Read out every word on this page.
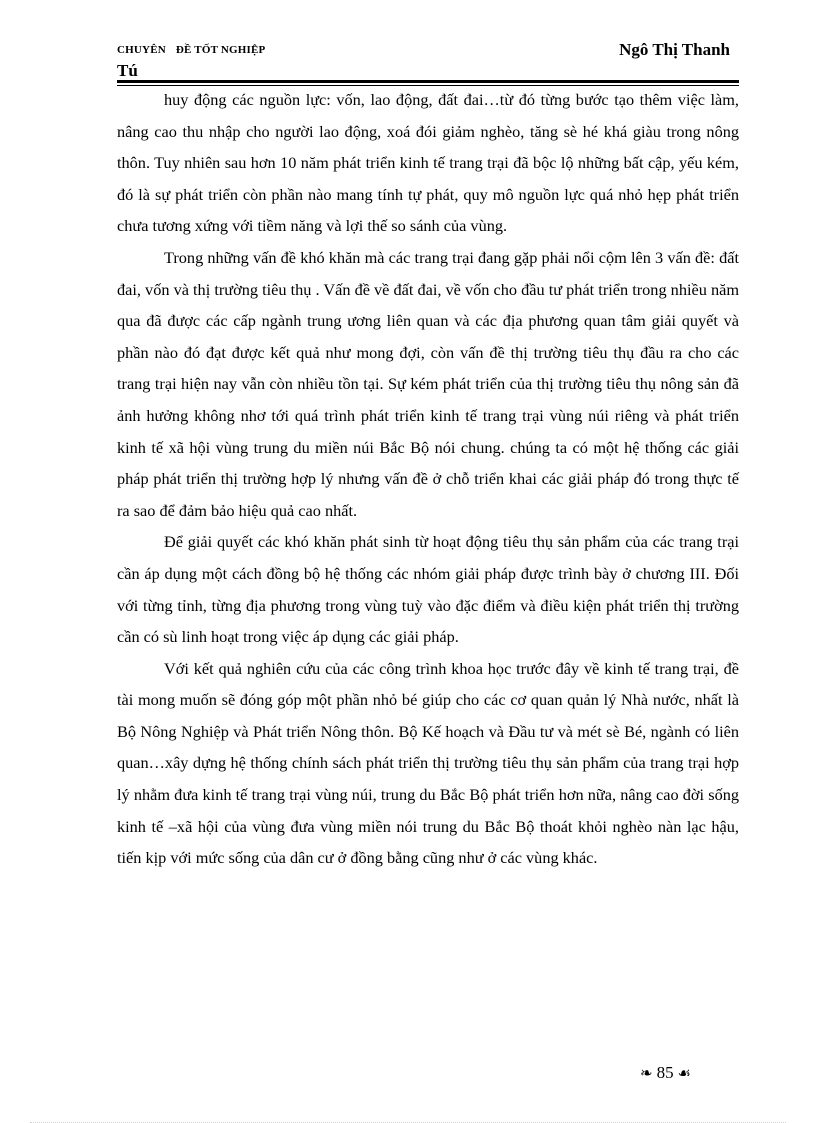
CHUYÊN ĐỀ TỐT NGHIỆP	Ngô Thị Thanh
Tú

huy động các nguồn lực: vốn, lao động, đất đai…từ đó từng bước tạo thêm việc làm, nâng cao thu nhập cho người lao động, xoá đói giảm nghèo, tăng sè hé khá giàu trong nông thôn. Tuy nhiên sau hơn 10 năm phát triển kinh tế trang trại đã bộc lộ những bất cập, yếu kém, đó là sự phát triển còn phần nào mang tính tự phát, quy mô nguồn lực quá nhỏ hẹp phát triển chưa tương xứng với tiềm năng và lợi thế so sánh của vùng.

Trong những vấn đề khó khăn mà các trang trại đang gặp phải nổi cộm lên 3 vấn đề: đất đai, vốn và thị trường tiêu thụ . Vấn đề về đất đai, về vốn cho đầu tư phát triển trong nhiều năm qua đã được các cấp ngành trung ương liên quan và các địa phương quan tâm giải quyết và phần nào đó đạt được kết quả như mong đợi, còn vấn đề thị trường tiêu thụ đầu ra cho các trang trại hiện nay vẫn còn nhiều tồn tại. Sự kém phát triển của thị trường tiêu thụ nông sản đã ảnh hưởng không nhơ tới quá trình phát triển kinh tế trang trại vùng núi riêng và phát triển kinh tế xã hội vùng trung du miền núi Bắc Bộ nói chung. chúng ta có một hệ thống các giải pháp phát triển thị trường hợp lý nhưng vấn đề ở chỗ triển khai các giải pháp đó trong thực tế ra sao để đảm bảo hiệu quả cao nhất.

Để giải quyết các khó khăn phát sinh từ hoạt động tiêu thụ sản phẩm của các trang trại cần áp dụng một cách đồng bộ hệ thống các nhóm giải pháp được trình bày ở chương III. Đối với từng tỉnh, từng địa phương trong vùng tuỳ vào đặc điểm và điều kiện phát triển thị trường cần có sù linh hoạt trong việc áp dụng các giải pháp.

Với kết quả nghiên cứu của các công trình khoa học trước đây về kinh tế trang trại, đề tài mong muốn sẽ đóng góp một phần nhỏ bé giúp cho các cơ quan quản lý Nhà nước, nhất là Bộ Nông Nghiệp và Phát triển Nông thôn. Bộ Kế hoạch và Đầu tư và mét sè Bé, ngành có liên quan…xây dựng hệ thống chính sách phát triển thị trường tiêu thụ sản phẩm của trang trại hợp lý nhằm đưa kinh tế trang trại vùng núi, trung du Bắc Bộ phát triển hơn nữa, nâng cao đời sống kinh tế –xã hội của vùng đưa vùng miền nói trung du Bắc Bộ thoát khỏi nghèo nàn lạc hậu, tiến kịp với mức sống của dân cư ở đồng bằng cũng như ở các vùng khác.

❧ 85 ☙
